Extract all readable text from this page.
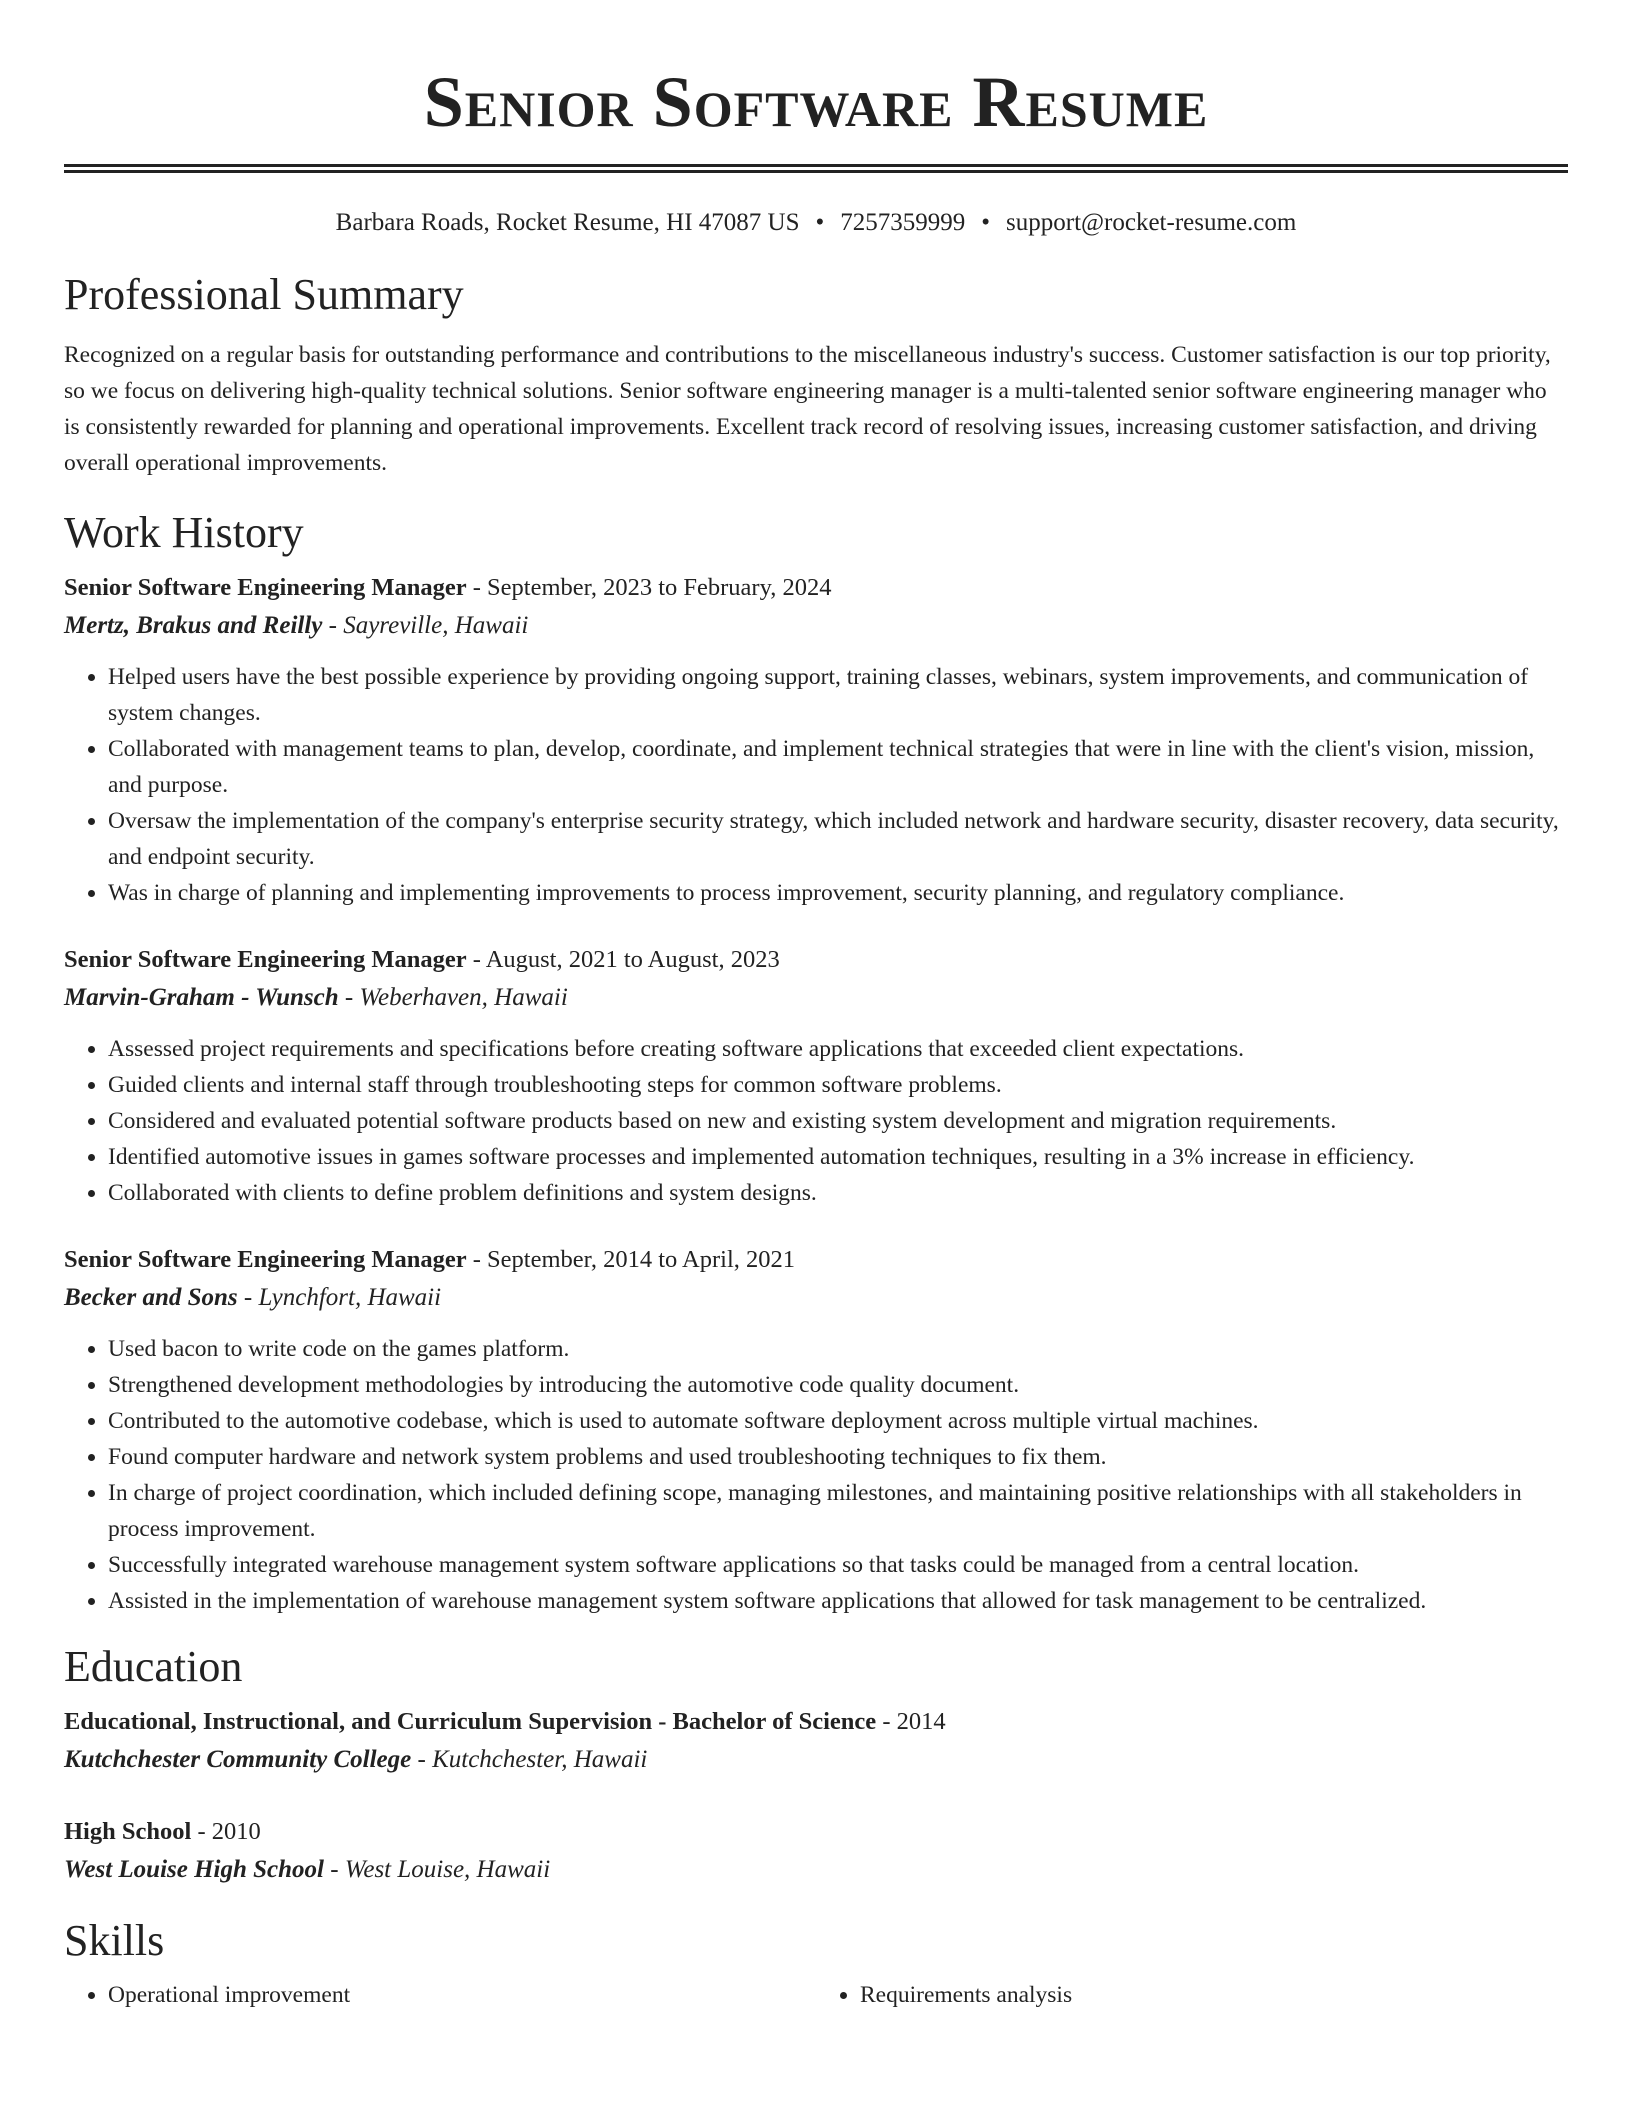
Senior Software Resume
Barbara Roads, Rocket Resume, HI 47087 US • 7257359999 • support@rocket-resume.com
Professional Summary

Recognized on a regular basis for outstanding performance and contributions to the miscellaneous industry's success. Customer satisfaction is our top priority, so we focus on delivering high-quality technical solutions. Senior software engineering manager is a multi-talented senior software engineering manager who is consistently rewarded for planning and operational improvements. Excellent track record of resolving issues, increasing customer satisfaction, and driving overall operational improvements.

Work History
Senior Software Engineering Manager - September, 2023 to February, 2024
Mertz, Brakus and Reilly - Sayreville, Hawaii
• Helped users have the best possible experience by providing ongoing support, training classes, webinars, system improvements, and communication of system changes.
• Collaborated with management teams to plan, develop, coordinate, and implement technical strategies that were in line with the client's vision, mission, and purpose.
• Oversaw the implementation of the company's enterprise security strategy, which included network and hardware security, disaster recovery, data security, and endpoint security.
• Was in charge of planning and implementing improvements to process improvement, security planning, and regulatory compliance.
Senior Software Engineering Manager - August, 2021 to August, 2023
Marvin-Graham - Wunsch - Weberhaven, Hawaii
• Assessed project requirements and specifications before creating software applications that exceeded client expectations.
• Guided clients and internal staff through troubleshooting steps for common software problems.
• Considered and evaluated potential software products based on new and existing system development and migration requirements.
• Identified automotive issues in games software processes and implemented automation techniques, resulting in a 3% increase in efficiency.
• Collaborated with clients to define problem definitions and system designs.
Senior Software Engineering Manager - September, 2014 to April, 2021
Becker and Sons - Lynchfort, Hawaii
• Used bacon to write code on the games platform.
• Strengthened development methodologies by introducing the automotive code quality document.
• Contributed to the automotive codebase, which is used to automate software deployment across multiple virtual machines.
• Found computer hardware and network system problems and used troubleshooting techniques to fix them.
• In charge of project coordination, which included defining scope, managing milestones, and maintaining positive relationships with all stakeholders in process improvement.
• Successfully integrated warehouse management system software applications so that tasks could be managed from a central location.
• Assisted in the implementation of warehouse management system software applications that allowed for task management to be centralized.
Education
Educational, Instructional, and Curriculum Supervision - Bachelor of Science - 2014
Kutchchester Community College - Kutchchester, Hawaii
High School - 2010
West Louise High School - West Louise, Hawaii
Skills
• Operational improvement
•	Requirements analysis
